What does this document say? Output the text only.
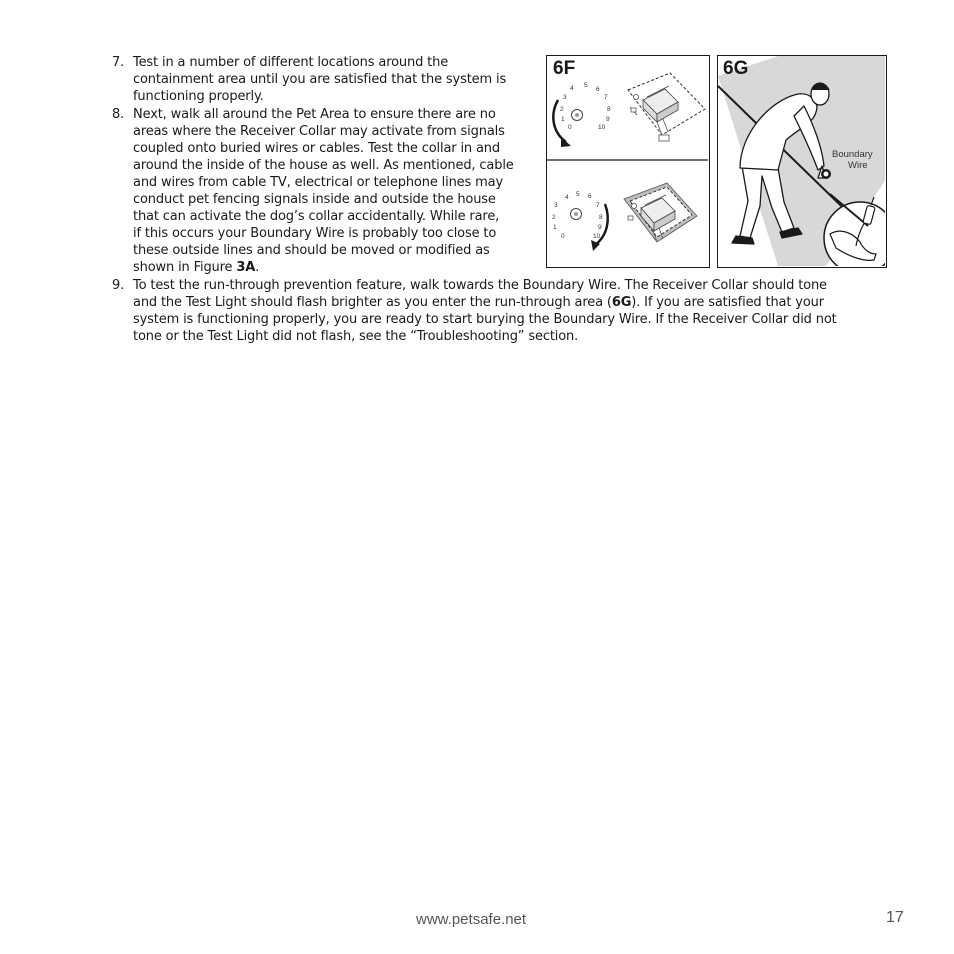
7. Test in a number of different locations around the
containment area until you are satisfied that the system is
functioning properly.
8. Next, walk all around the Pet Area to ensure there are no
areas where the Receiver Collar may activate from signals
coupled onto buried wires or cables. Test the collar in and
around the inside of the house as well. As mentioned, cable
and wires from cable TV, electrical or telephone lines may
conduct pet fencing signals inside and outside the house
that can activate the dog’s collar accidentally. While rare,
if this occurs your Boundary Wire is probably too close to
these outside lines and should be moved or modified as
shown in Figure 3A.
9. To test the run-through prevention feature, walk towards the Boundary Wire. The Receiver Collar should tone
and the Test Light should flash brighter as you enter the run-through area (6G). If you are satisfied that your
system is functioning properly, you are ready to start burying the Boundary Wire. If the Receiver Collar did not
tone or the Test Light did not flash, see the “Troubleshooting” section.
6F
4 5
6
3	7
2	8
1	9
0	10
4 5 6
3	7
2	8
1	9
0	10
6G
Boundary
Wire
www.petsafe.net	17
